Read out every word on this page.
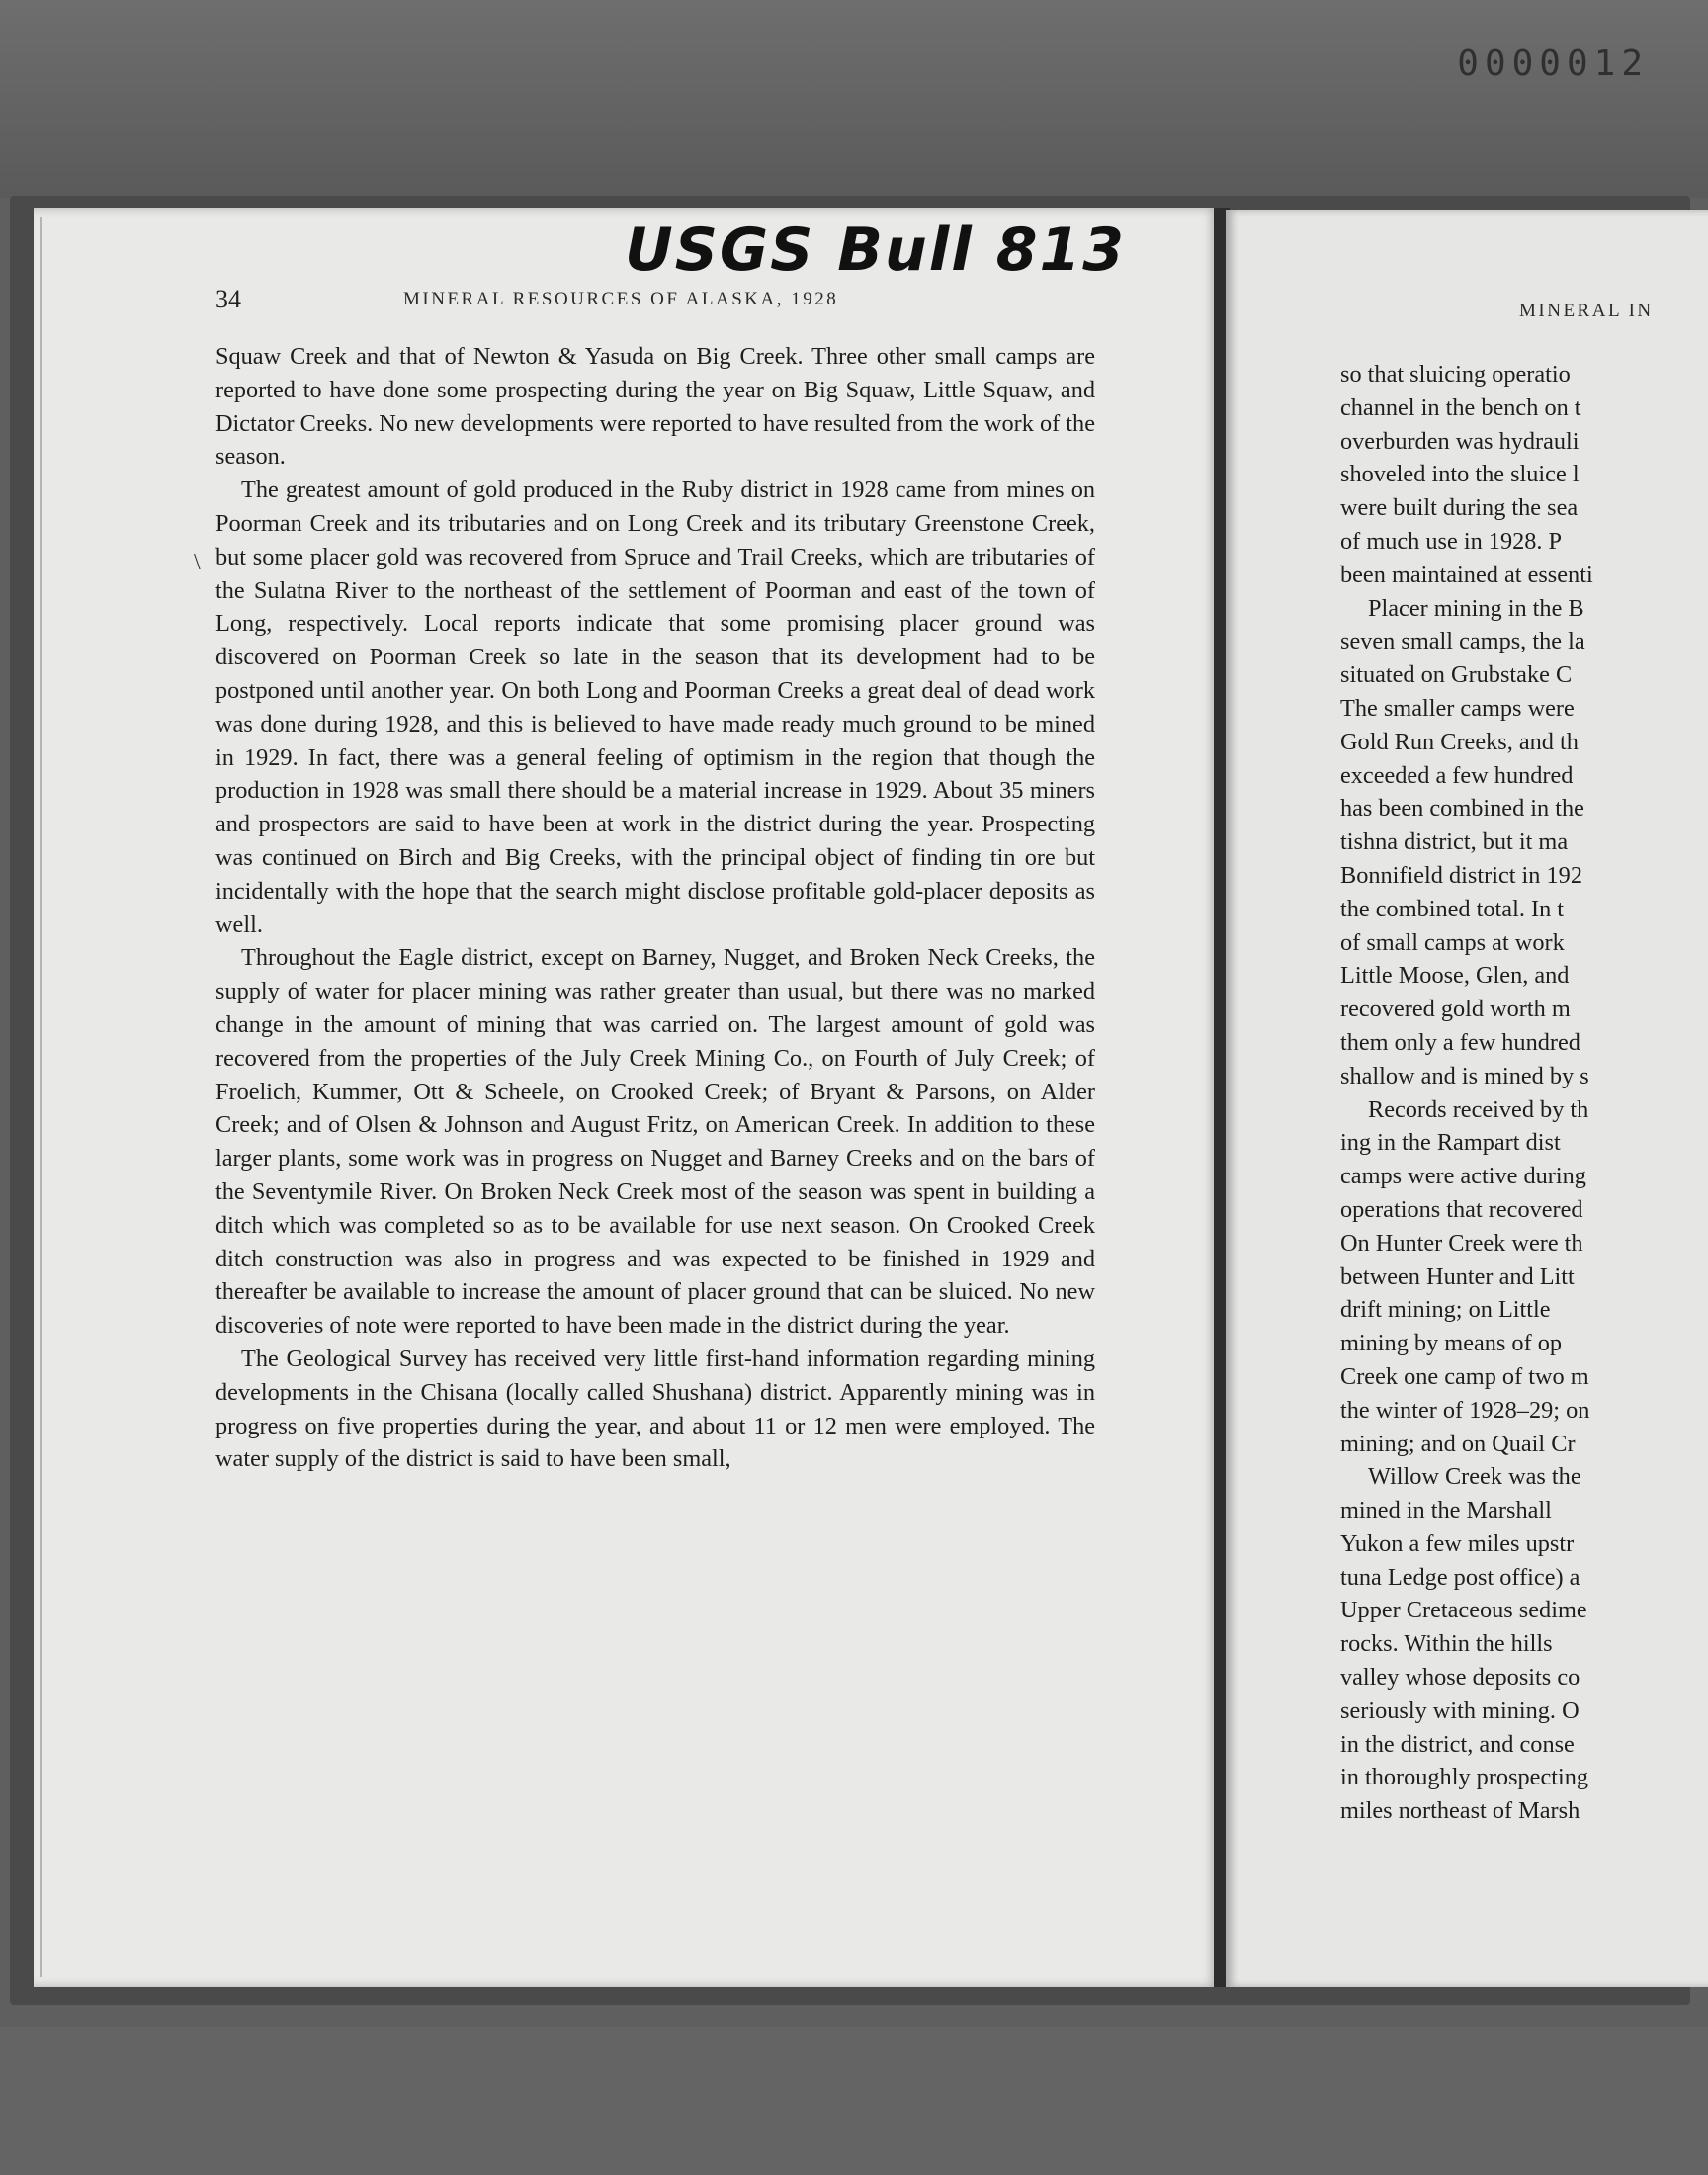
0000012
USGS Bull 813
34	MINERAL RESOURCES OF ALASKA, 1928
\

Squaw Creek and that of Newton & Yasuda on Big Creek. Three other small camps are reported to have done some prospecting during the year on Big Squaw, Little Squaw, and Dictator Creeks. No new developments were reported to have resulted from the work of the season.

The greatest amount of gold produced in the Ruby district in 1928 came from mines on Poorman Creek and its tributaries and on Long Creek and its tributary Greenstone Creek, but some placer gold was recovered from Spruce and Trail Creeks, which are tributaries of the Sulatna River to the northeast of the settlement of Poorman and east of the town of Long, respectively. Local reports indicate that some promising placer ground was discovered on Poorman Creek so late in the season that its development had to be postponed until another year. On both Long and Poorman Creeks a great deal of dead work was done during 1928, and this is believed to have made ready much ground to be mined in 1929. In fact, there was a general feeling of optimism in the region that though the production in 1928 was small there should be a material increase in 1929. About 35 miners and prospectors are said to have been at work in the district during the year. Prospecting was continued on Birch and Big Creeks, with the principal object of finding tin ore but incidentally with the hope that the search might disclose profitable gold-placer deposits as well.

Throughout the Eagle district, except on Barney, Nugget, and Broken Neck Creeks, the supply of water for placer mining was rather greater than usual, but there was no marked change in the amount of mining that was carried on. The largest amount of gold was recovered from the properties of the July Creek Mining Co., on Fourth of July Creek; of Froelich, Kummer, Ott & Scheele, on Crooked Creek; of Bryant & Parsons, on Alder Creek; and of Olsen & Johnson and August Fritz, on American Creek. In addition to these larger plants, some work was in progress on Nugget and Barney Creeks and on the bars of the Seventymile River. On Broken Neck Creek most of the season was spent in building a ditch which was completed so as to be available for use next season. On Crooked Creek ditch construction was also in progress and was expected to be finished in 1929 and thereafter be available to increase the amount of placer ground that can be sluiced. No new discoveries of note were reported to have been made in the district during the year.

The Geological Survey has received very little first-hand information regarding mining developments in the Chisana (locally called Shushana) district. Apparently mining was in progress on five properties during the year, and about 11 or 12 men were employed. The water supply of the district is said to have been small,

MINERAL IN
so that sluicing operatio
channel in the bench on t
overburden was hydrauli
shoveled into the sluice l
were built during the sea
of much use in 1928. P
been maintained at essenti
Placer mining in the B
seven small camps, the la
situated on Grubstake C
The smaller camps were
Gold Run Creeks, and th
exceeded a few hundred
has been combined in the
tishna district, but it ma
Bonnifield district in 192
the combined total. In t
of small camps at work
Little Moose, Glen, and
recovered gold worth m
them only a few hundred
shallow and is mined by s
Records received by th
ing in the Rampart dist
camps were active during
operations that recovered
On Hunter Creek were th
between Hunter and Litt
drift mining; on Little
mining by means of op
Creek one camp of two m
the winter of 1928–29; on
mining; and on Quail Cr
Willow Creek was the
mined in the Marshall
Yukon a few miles upstr
tuna Ledge post office) a
Upper Cretaceous sedime
rocks. Within the hills
valley whose deposits co
seriously with mining. O
in the district, and conse
in thoroughly prospecting
miles northeast of Marsh
